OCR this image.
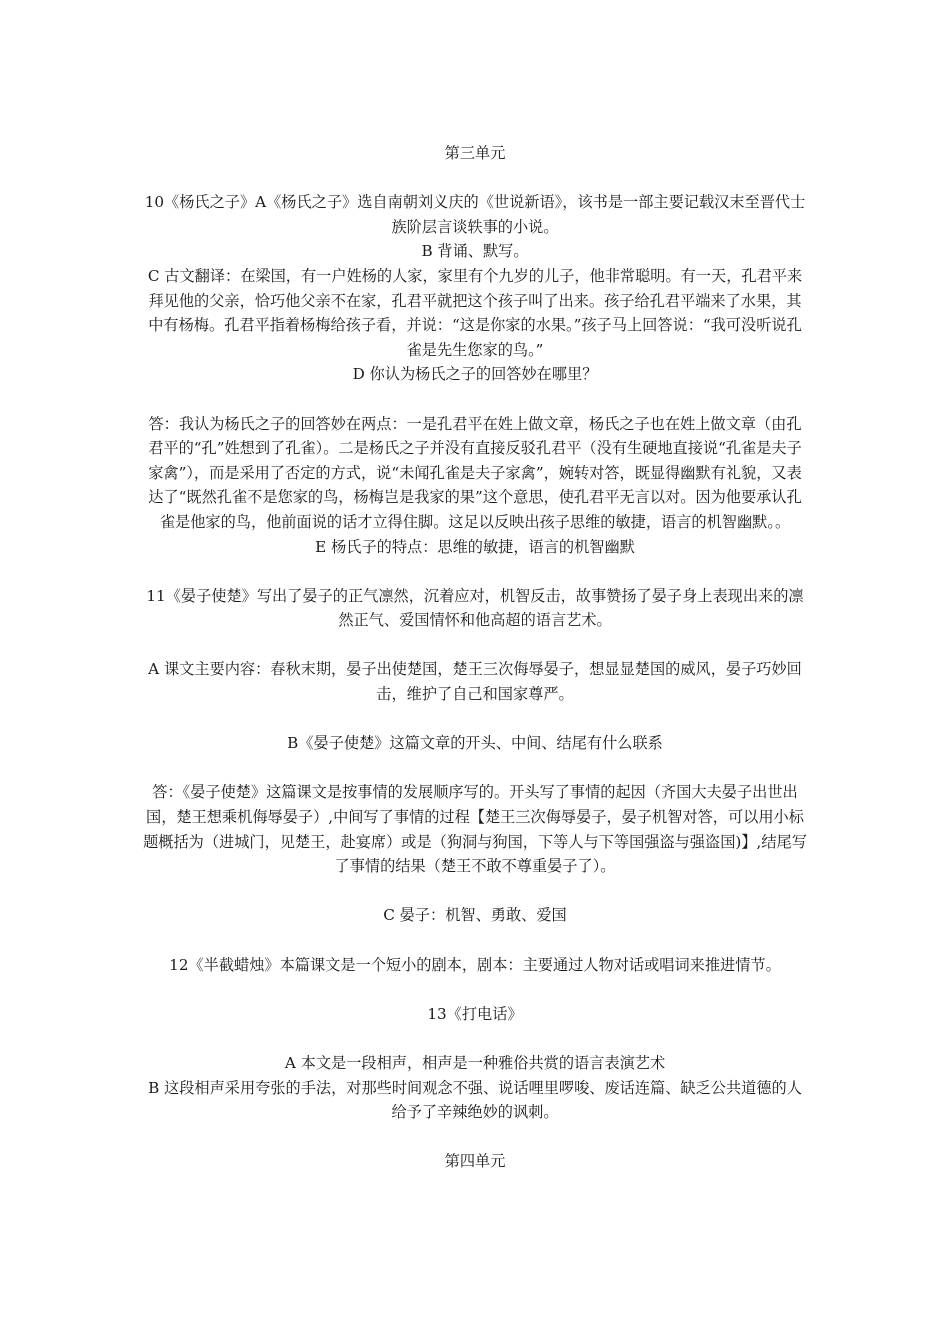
第三单元

10《杨氏之子》A《杨氏之子》选自南朝刘义庆的《世说新语》，该书是一部主要记载汉末至晋代士族阶层言谈轶事的小说。

B 背诵、默写。

C 古文翻译：在梁国，有一户姓杨的人家，家里有个九岁的儿子，他非常聪明。有一天，孔君平来拜见他的父亲，恰巧他父亲不在家，孔君平就把这个孩子叫了出来。孩子给孔君平端来了水果，其中有杨梅。孔君平指着杨梅给孩子看，并说：“这是你家的水果。”孩子马上回答说：“我可没听说孔雀是先生您家的鸟。”

D 你认为杨氏之子的回答妙在哪里？

答：我认为杨氏之子的回答妙在两点：一是孔君平在姓上做文章，杨氏之子也在姓上做文章（由孔君平的“孔”姓想到了孔雀）。二是杨氏之子并没有直接反驳孔君平（没有生硬地直接说“孔雀是夫子家禽”），而是采用了否定的方式，说“未闻孔雀是夫子家禽”，婉转对答，既显得幽默有礼貌，又表达了“既然孔雀不是您家的鸟，杨梅岂是我家的果”这个意思，使孔君平无言以对。因为他要承认孔雀是他家的鸟，他前面说的话才立得住脚。这足以反映出孩子思维的敏捷，语言的机智幽默。。

E 杨氏子的特点：思维的敏捷，语言的机智幽默

11《晏子使楚》写出了晏子的正气凛然，沉着应对，机智反击，故事赞扬了晏子身上表现出来的凛然正气、爱国情怀和他高超的语言艺术。

A 课文主要内容：春秋末期，晏子出使楚国，楚王三次侮辱晏子，想显显楚国的威风，晏子巧妙回击，维护了自己和国家尊严。

B《晏子使楚》这篇文章的开头、中间、结尾有什么联系

答：《晏子使楚》这篇课文是按事情的发展顺序写的。开头写了事情的起因（齐国大夫晏子出世出国，楚王想乘机侮辱晏子）,中间写了事情的过程【楚王三次侮辱晏子，晏子机智对答，可以用小标题概括为（进城门，见楚王，赴宴席）或是（狗洞与狗国，下等人与下等国强盗与强盗国)】,结尾写了事情的结果（楚王不敢不尊重晏子了）。

C 晏子：机智、勇敢、爱国

12《半截蜡烛》本篇课文是一个短小的剧本，剧本：主要通过人物对话或唱词来推进情节。

13《打电话》

A 本文是一段相声，相声是一种雅俗共赏的语言表演艺术

B 这段相声采用夸张的手法，对那些时间观念不强、说话哩里啰唆、废话连篇、缺乏公共道德的人给予了辛辣绝妙的讽刺。

第四单元
